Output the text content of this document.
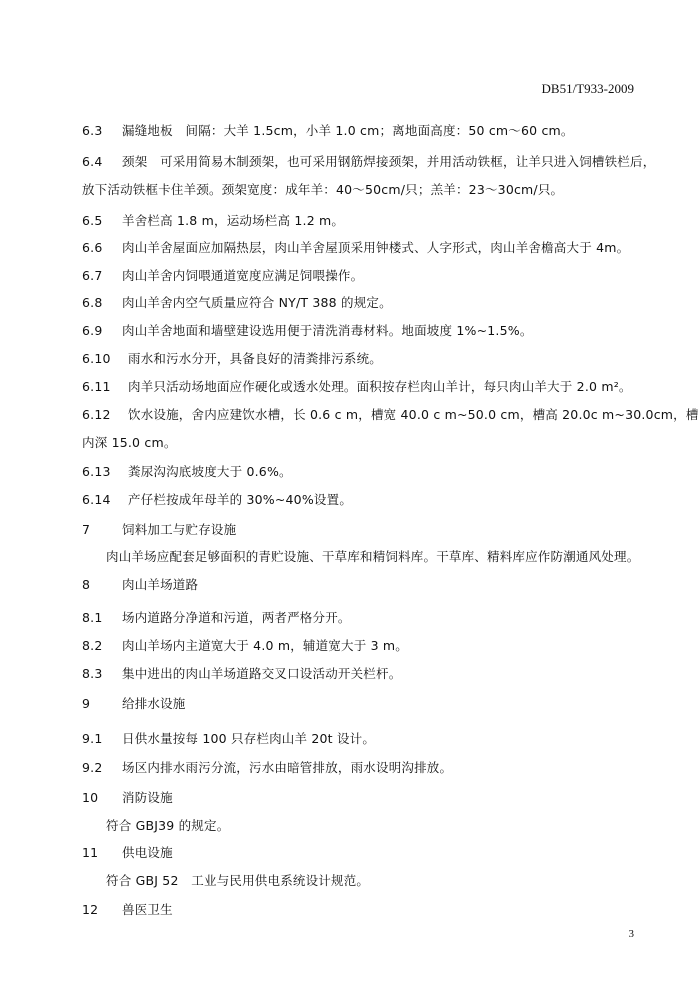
DB51/T933-2009
6.3 漏缝地板　间隔：大羊 1.5cm，小羊 1.0 cm；离地面高度：50 cm～60 cm。
6.4 颈架　可采用简易木制颈架，也可采用钢筋焊接颈架，并用活动铁框，让羊只进入饲槽铁栏后，
放下活动铁框卡住羊颈。颈架宽度：成年羊：40～50cm/只；羔羊：23～30cm/只。
6.5 羊舍栏高 1.8 m，运动场栏高 1.2 m。
6.6 肉山羊舍屋面应加隔热层，肉山羊舍屋顶采用钟楼式、人字形式，肉山羊舍檐高大于 4m。
6.7 肉山羊舍内饲喂通道宽度应满足饲喂操作。
6.8 肉山羊舍内空气质量应符合 NY/T 388 的规定。
6.9 肉山羊舍地面和墙壁建设选用便于清洗消毒材料。地面坡度 1%~1.5%。
6.10 雨水和污水分开，具备良好的清粪排污系统。
6.11 肉羊只活动场地面应作硬化或透水处理。面积按存栏肉山羊计，每只肉山羊大于 2.0 m²。
6.12 饮水设施，舍内应建饮水槽，长 0.6 c m，槽宽 40.0 c m~50.0 cm，槽高 20.0c m~30.0cm，槽
内深 15.0 cm。
6.13 粪尿沟沟底坡度大于 0.6%。
6.14 产仔栏按成年母羊的 30%~40%设置。
7	饲料加工与贮存设施
肉山羊场应配套足够面积的青贮设施、干草库和精饲料库。干草库、精料库应作防潮通风处理。
8	肉山羊场道路
8.1 场内道路分净道和污道，两者严格分开。
8.2 肉山羊场内主道宽大于 4.0 m，辅道宽大于 3 m。
8.3 集中进出的肉山羊场道路交叉口设活动开关栏杆。
9	给排水设施
9.1 日供水量按每 100 只存栏肉山羊 20t 设计。
9.2 场区内排水雨污分流，污水由暗管排放，雨水设明沟排放。
10 消防设施
符合 GBJ39 的规定。
11 供电设施
符合 GBJ 52　工业与民用供电系统设计规范。
12 兽医卫生
3
